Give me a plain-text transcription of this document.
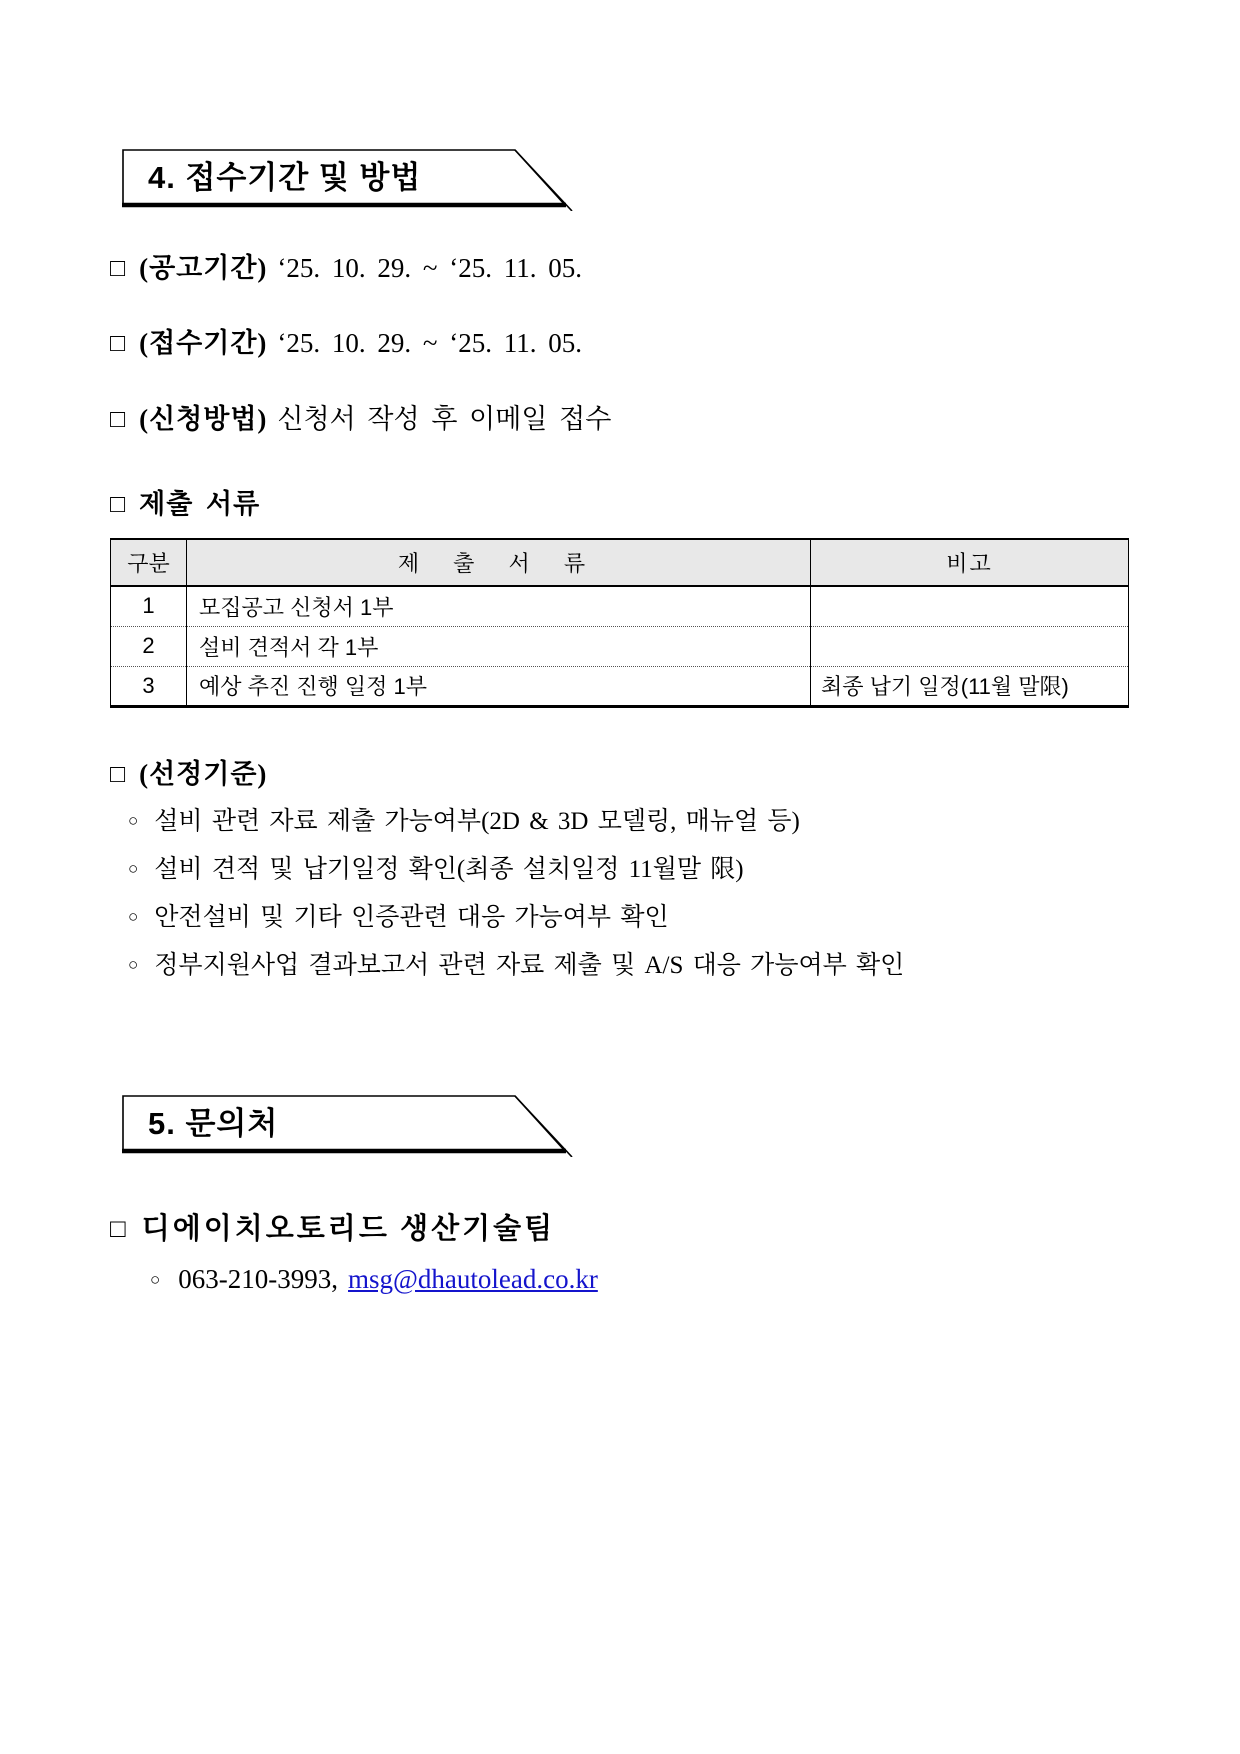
4. 접수기간 및 방법
□ (공고기간) ‘25. 10. 29. ~ ‘25. 11. 05.
□ (접수기간) ‘25. 10. 29. ~ ‘25. 11. 05.
□ (신청방법) 신청서 작성 후 이메일 접수
□ 제출 서류
구분	제 출 서 류	비고
1	모집공고 신청서 1부	
2	설비 견적서 각 1부	
3	예상 추진 진행 일정 1부	최종 납기 일정(11월 말限)
□ (선정기준)
○ 설비 관련 자료 제출 가능여부(2D & 3D 모델링, 매뉴얼 등)
○ 설비 견적 및 납기일정 확인(최종 설치일정 11월말 限)
○ 안전설비 및 기타 인증관련 대응 가능여부 확인
○ 정부지원사업 결과보고서 관련 자료 제출 및 A/S 대응 가능여부 확인
5. 문의처
□ 디에이치오토리드 생산기술팀
○ 063-210-3993, msg@dhautolead.co.kr
